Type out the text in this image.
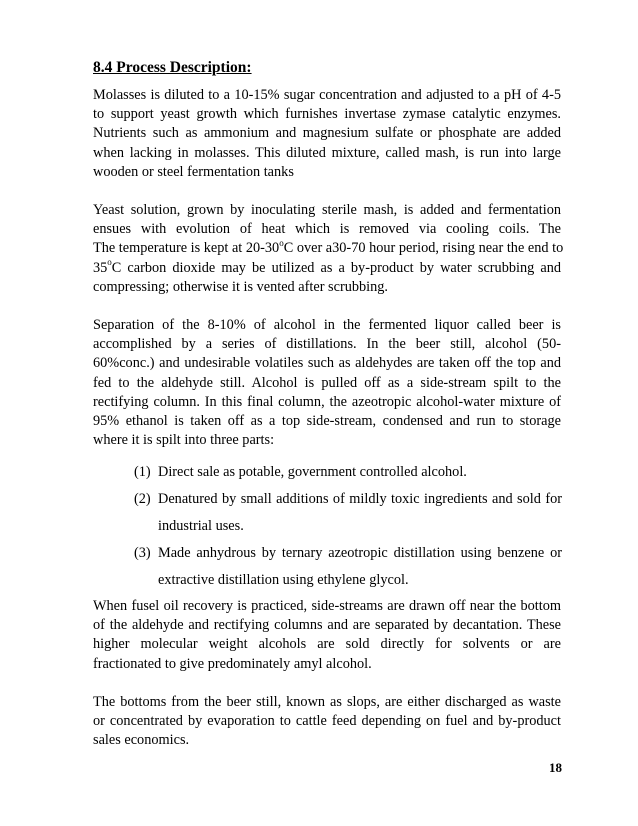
8.4 Process Description:
Molasses is diluted to a 10-15% sugar concentration and adjusted to a pH of 4-5
to support yeast growth which furnishes invertase zymase catalytic enzymes.
Nutrients such as ammonium and magnesium sulfate or phosphate are added
when lacking in molasses. This diluted mixture, called mash, is run into large
wooden or steel fermentation tanks
Yeast solution, grown by inoculating sterile mash, is added and fermentation
ensues with evolution of heat which is removed via cooling coils. The
The temperature is kept at 20-30$^o$C over a30-70 hour period, rising near the end to
35$^o$C carbon dioxide may be utilized as a by-product by water scrubbing and
compressing; otherwise it is vented after scrubbing.
Separation of the 8-10% of alcohol in the fermented liquor called beer is
accomplished by a series of distillations. In the beer still, alcohol (50-
60%conc.) and undesirable volatiles such as aldehydes are taken off the top and
fed to the aldehyde still. Alcohol is pulled off as a side-stream spilt to the
rectifying column. In this final column, the azeotropic alcohol-water mixture of
95% ethanol is taken off as a top side-stream, condensed and run to storage
where it is spilt into three parts:
(1) Direct sale as potable, government controlled alcohol.
(2) Denatured by small additions of mildly toxic ingredients and sold for
industrial uses.
(3) Made anhydrous by ternary azeotropic distillation using benzene or
extractive distillation using ethylene glycol.
When fusel oil recovery is practiced, side-streams are drawn off near the bottom
of the aldehyde and rectifying columns and are separated by decantation. These
higher molecular weight alcohols are sold directly for solvents or are
fractionated to give predominately amyl alcohol.
The bottoms from the beer still, known as slops, are either discharged as waste
or concentrated by evaporation to cattle feed depending on fuel and by-product
sales economics.

18
